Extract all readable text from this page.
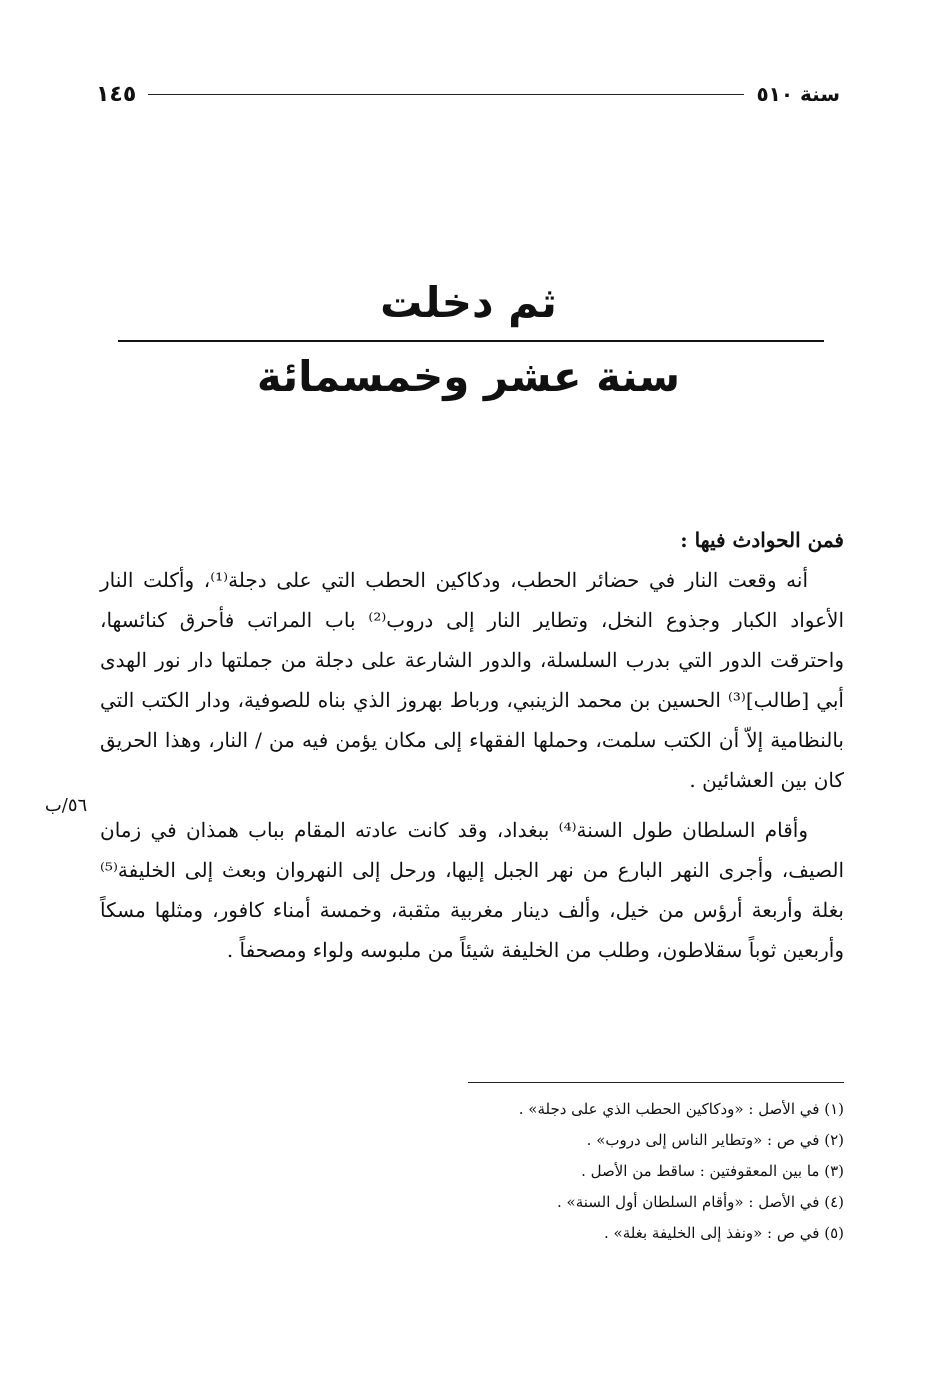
سنة ٥١٠
١٤٥
ثم دخلت
سنة عشر وخمسمائة
فمن الحوادث فيها :

أنه وقعت النار في حضائر الحطب، ودكاكين الحطب التي على دجلة⁽¹⁾، وأكلت النار الأعواد الكبار وجذوع النخل، وتطاير النار إلى دروب⁽²⁾ باب المراتب فأحرق كنائسها، واحترقت الدور التي بدرب السلسلة، والدور الشارعة على دجلة من جملتها دار نور الهدى أبي [طالب]⁽³⁾ الحسين بن محمد الزينبي، ورباط بهروز الذي بناه للصوفية، ودار الكتب التي بالنظامية إلاّ أن الكتب سلمت، وحملها الفقهاء إلى مكان يؤمن فيه من / النار، وهذا الحريق كان بين العشائين .

وأقام السلطان طول السنة⁽⁴⁾ ببغداد، وقد كانت عادته المقام بباب همذان في زمان الصيف، وأجرى النهر البارع من نهر الجبل إليها، ورحل إلى النهروان وبعث إلى الخليفة⁽⁵⁾ بغلة وأربعة أرؤس من خيل، وألف دينار مغربية مثقبة، وخمسة أمناء كافور، ومثلها مسكاً وأربعين ثوباً سقلاطون، وطلب من الخليفة شيئاً من ملبوسه ولواء ومصحفاً .

٥٦/ب
(١) في الأصل : «ودكاكين الحطب الذي على دجلة» .
(٢) في ص : «وتطاير الناس إلى دروب» .
(٣) ما بين المعقوفتين : ساقط من الأصل .
(٤) في الأصل : «وأقام السلطان أول السنة» .
(٥) في ص : «ونفذ إلى الخليفة بغلة» .
